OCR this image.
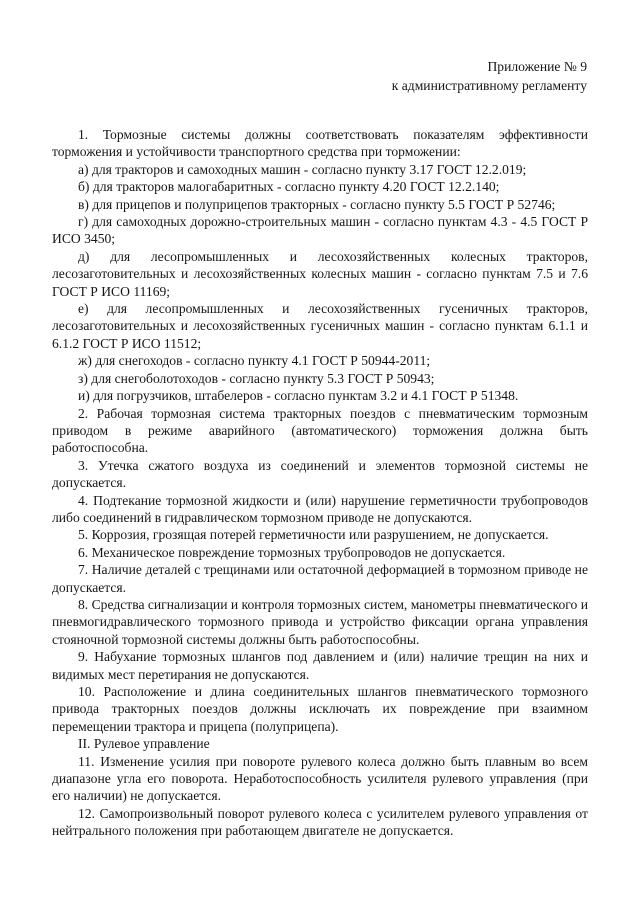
Приложение № 9
к административному регламенту

1. Тормозные системы должны соответствовать показателям эффективности торможения и устойчивости транспортного средства при торможении:

а) для тракторов и самоходных машин - согласно пункту 3.17 ГОСТ 12.2.019;

б) для тракторов малогабаритных - согласно пункту 4.20 ГОСТ 12.2.140;

в) для прицепов и полуприцепов тракторных - согласно пункту 5.5 ГОСТ Р 52746;

г) для самоходных дорожно-строительных машин - согласно пунктам 4.3 - 4.5 ГОСТ Р ИСО 3450;

д) для лесопромышленных и лесохозяйственных колесных тракторов, лесозаготовительных и лесохозяйственных колесных машин - согласно пунктам 7.5 и 7.6 ГОСТ Р ИСО 11169;

е) для лесопромышленных и лесохозяйственных гусеничных тракторов, лесозаготовительных и лесохозяйственных гусеничных машин - согласно пунктам 6.1.1 и 6.1.2 ГОСТ Р ИСО 11512;

ж) для снегоходов - согласно пункту 4.1 ГОСТ Р 50944-2011;

з) для снегоболотоходов - согласно пункту 5.3 ГОСТ Р 50943;

и) для погрузчиков, штабелеров - согласно пунктам 3.2 и 4.1 ГОСТ Р 51348.

2. Рабочая тормозная система тракторных поездов с пневматическим тормозным приводом в режиме аварийного (автоматического) торможения должна быть работоспособна.

3. Утечка сжатого воздуха из соединений и элементов тормозной системы не допускается.

4. Подтекание тормозной жидкости и (или) нарушение герметичности трубопроводов либо соединений в гидравлическом тормозном приводе не допускаются.

5. Коррозия, грозящая потерей герметичности или разрушением, не допускается.

6. Механическое повреждение тормозных трубопроводов не допускается.

7. Наличие деталей с трещинами или остаточной деформацией в тормозном приводе не допускается.

8. Средства сигнализации и контроля тормозных систем, манометры пневматического и пневмогидравлического тормозного привода и устройство фиксации органа управления стояночной тормозной системы должны быть работоспособны.

9. Набухание тормозных шлангов под давлением и (или) наличие трещин на них и видимых мест перетирания не допускаются.

10. Расположение и длина соединительных шлангов пневматического тормозного привода тракторных поездов должны исключать их повреждение при взаимном перемещении трактора и прицепа (полуприцепа).

II. Рулевое управление

11. Изменение усилия при повороте рулевого колеса должно быть плавным во всем диапазоне угла его поворота. Неработоспособность усилителя рулевого управления (при его наличии) не допускается.

12. Самопроизвольный поворот рулевого колеса с усилителем рулевого управления от нейтрального положения при работающем двигателе не допускается.
